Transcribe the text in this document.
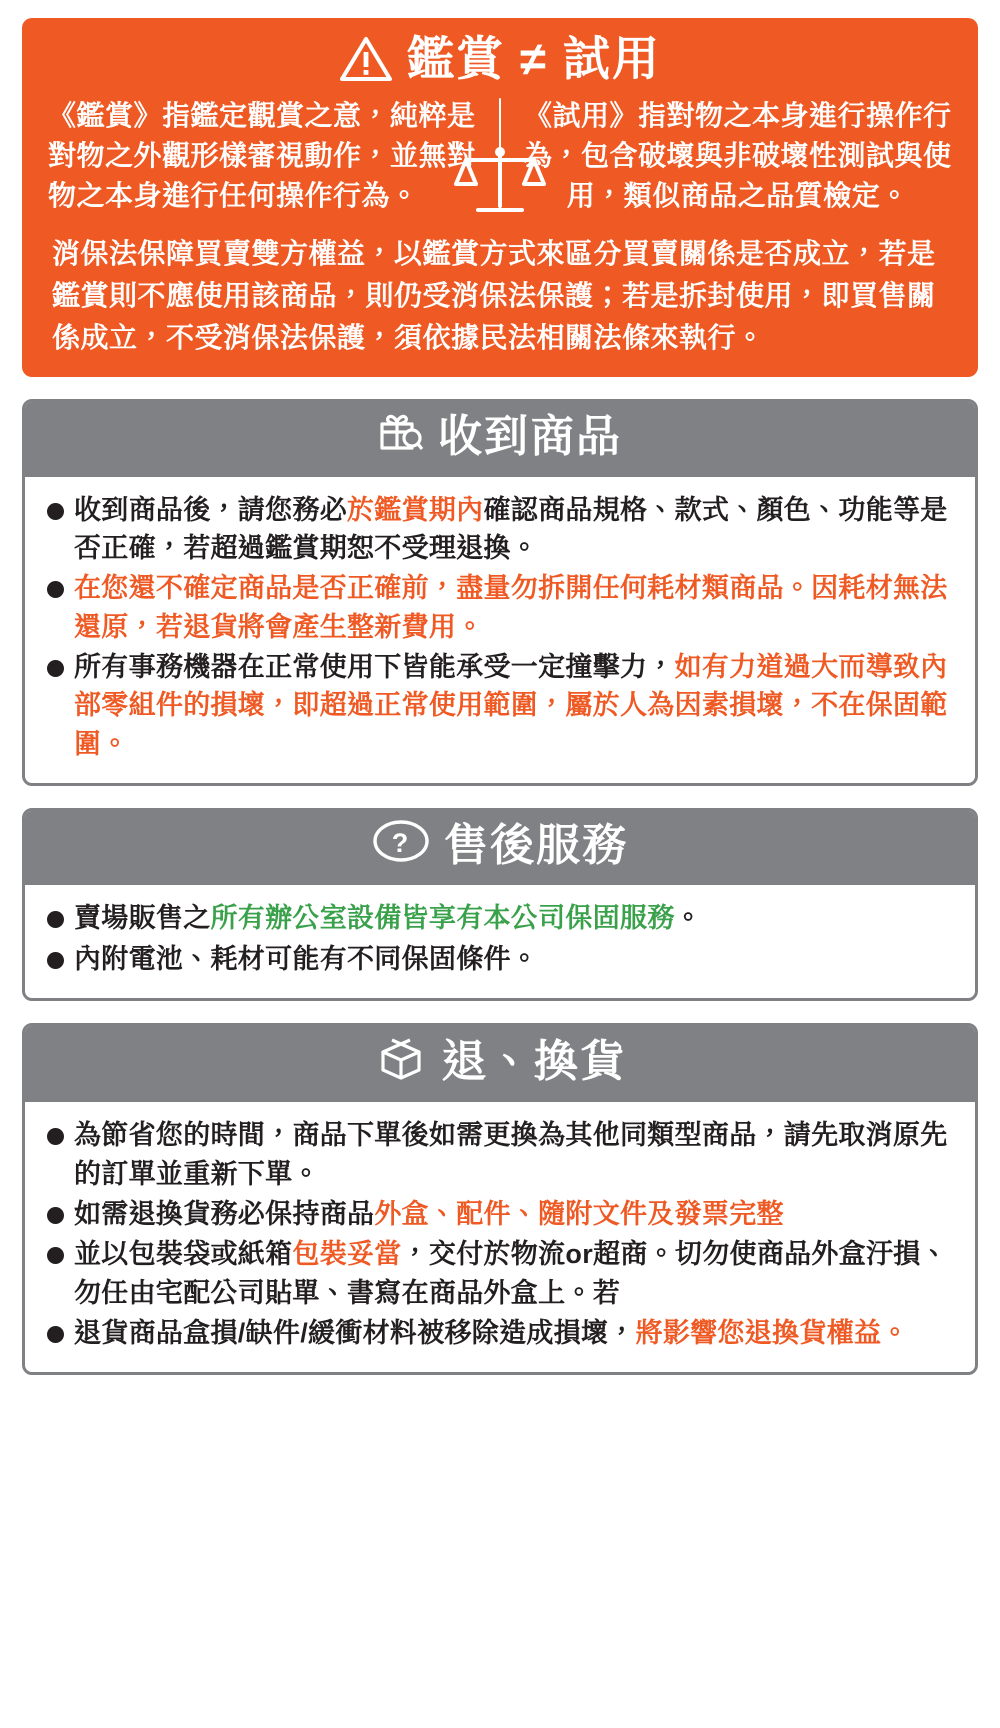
鑑賞 ≠ 試用
《鑑賞》指鑑定觀賞之意，純粹是對物之外觀形樣審視動作，並無對物之本身進行任何操作行為。
《試用》指對物之本身進行操作行為，包含破壞與非破壞性測試與使用，類似商品之品質檢定。
消保法保障買賣雙方權益，以鑑賞方式來區分買賣關係是否成立，若是鑑賞則不應使用該商品，則仍受消保法保護；若是拆封使用，即買售關係成立，不受消保法保護，須依據民法相關法條來執行。
收到商品
收到商品後，請您務必於鑑賞期內確認商品規格、款式、顏色、功能等是否正確，若超過鑑賞期恕不受理退換。
在您還不確定商品是否正確前，盡量勿拆開任何耗材類商品。因耗材無法還原，若退貨將會產生整新費用。
所有事務機器在正常使用下皆能承受一定撞擊力，如有力道過大而導致內部零組件的損壞，即超過正常使用範圍，屬於人為因素損壞，不在保固範圍。
? 售後服務
賣場販售之所有辦公室設備皆享有本公司保固服務。
內附電池、耗材可能有不同保固條件。
退、換貨
為節省您的時間，商品下單後如需更換為其他同類型商品，請先取消原先的訂單並重新下單。
如需退換貨務必保持商品外盒、配件、隨附文件及發票完整
並以包裝袋或紙箱包裝妥當，交付於物流or超商。切勿使商品外盒汙損、勿任由宅配公司貼單、書寫在商品外盒上。若
退貨商品盒損/缺件/緩衝材料被移除造成損壞，將影響您退換貨權益。
